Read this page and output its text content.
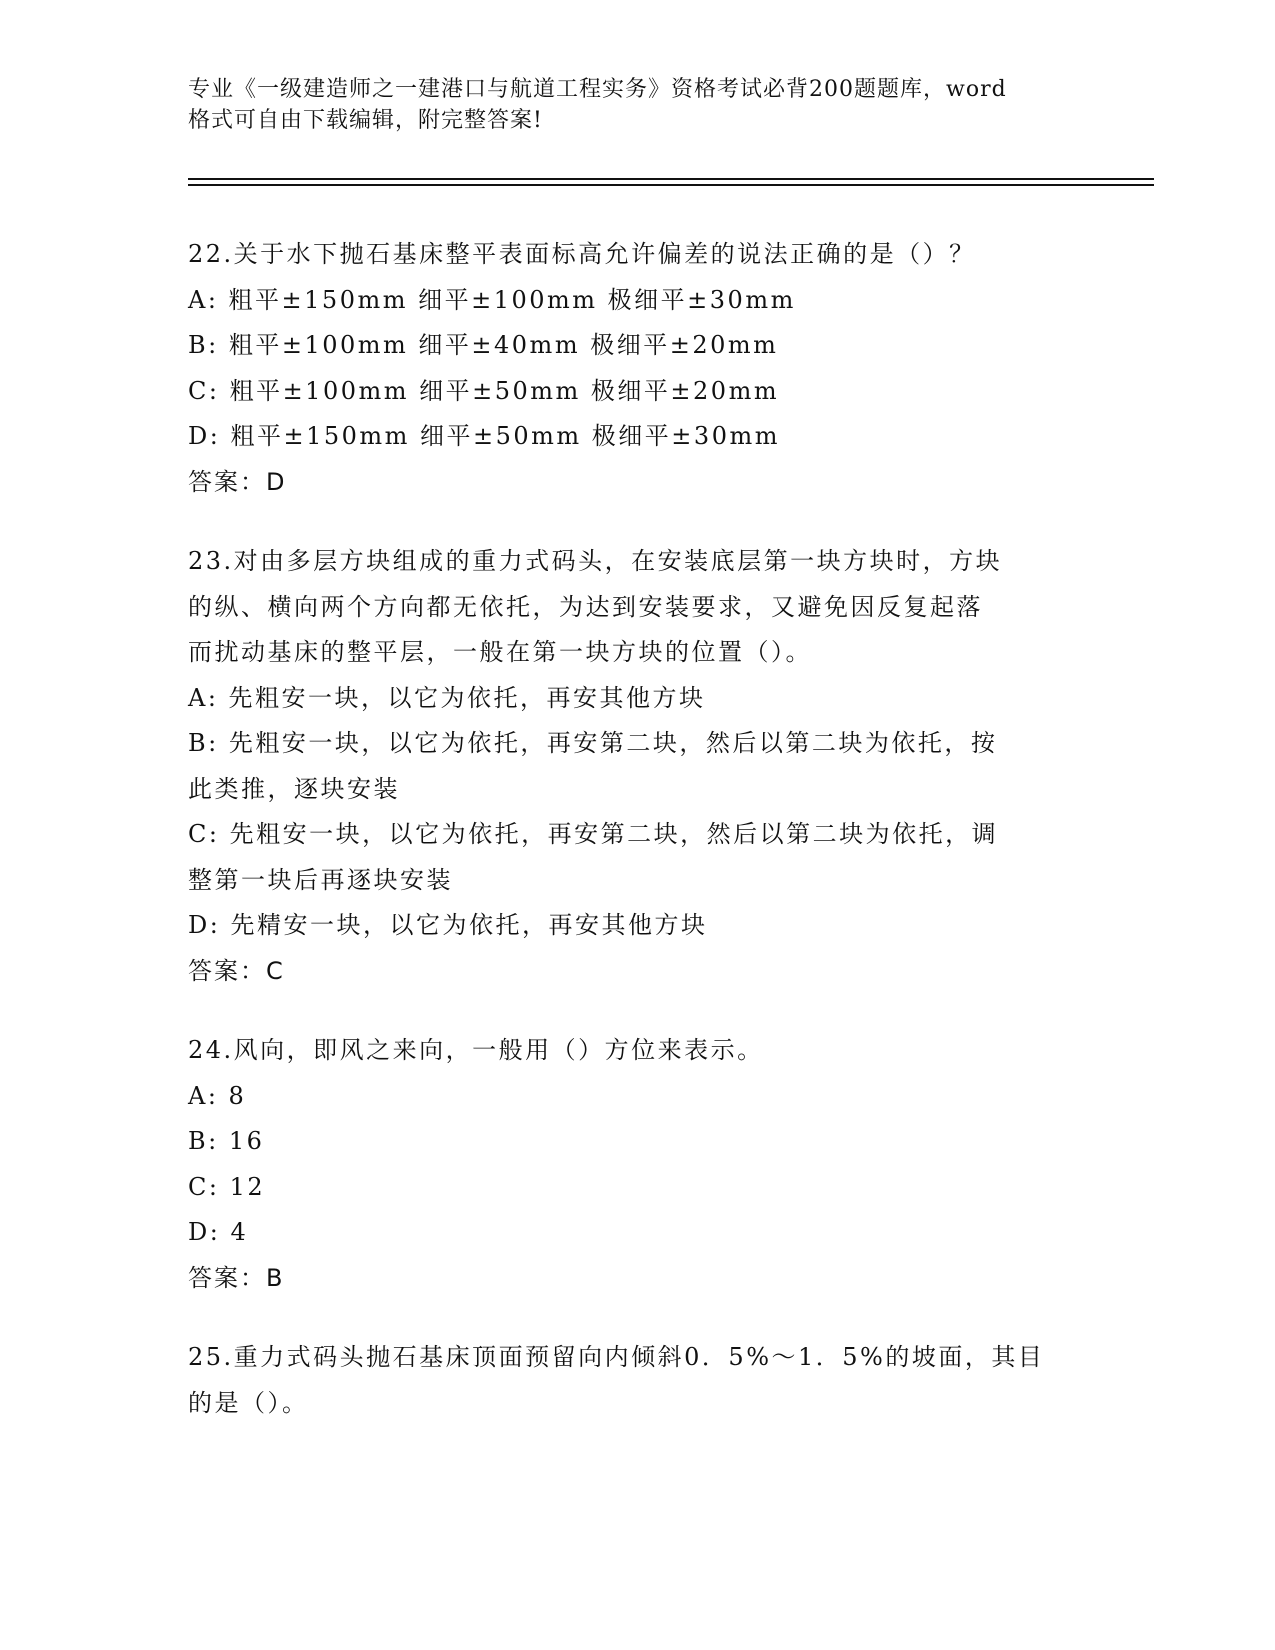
专业《一级建造师之一建港口与航道工程实务》资格考试必背200题题库，word
格式可自由下载编辑，附完整答案!
22.关于水下抛石基床整平表面标高允许偏差的说法正确的是（）？
A: 粗平±150mm 细平±100mm 极细平±30mm
B: 粗平±100mm 细平±40mm 极细平±20mm
C: 粗平±100mm 细平±50mm 极细平±20mm
D: 粗平±150mm 细平±50mm 极细平±30mm
答案：D
23.对由多层方块组成的重力式码头，在安装底层第一块方块时，方块
的纵、横向两个方向都无依托，为达到安装要求，又避免因反复起落
而扰动基床的整平层，一般在第一块方块的位置（）。
A: 先粗安一块，以它为依托，再安其他方块
B: 先粗安一块，以它为依托，再安第二块，然后以第二块为依托，按
此类推，逐块安装
C: 先粗安一块，以它为依托，再安第二块，然后以第二块为依托，调
整第一块后再逐块安装
D: 先精安一块，以它为依托，再安其他方块
答案：C
24.风向，即风之来向，一般用（）方位来表示。
A: 8
B: 16
C: 12
D: 4
答案：B
25.重力式码头抛石基床顶面预留向内倾斜0．5%～1．5%的坡面，其目
的是（）。
